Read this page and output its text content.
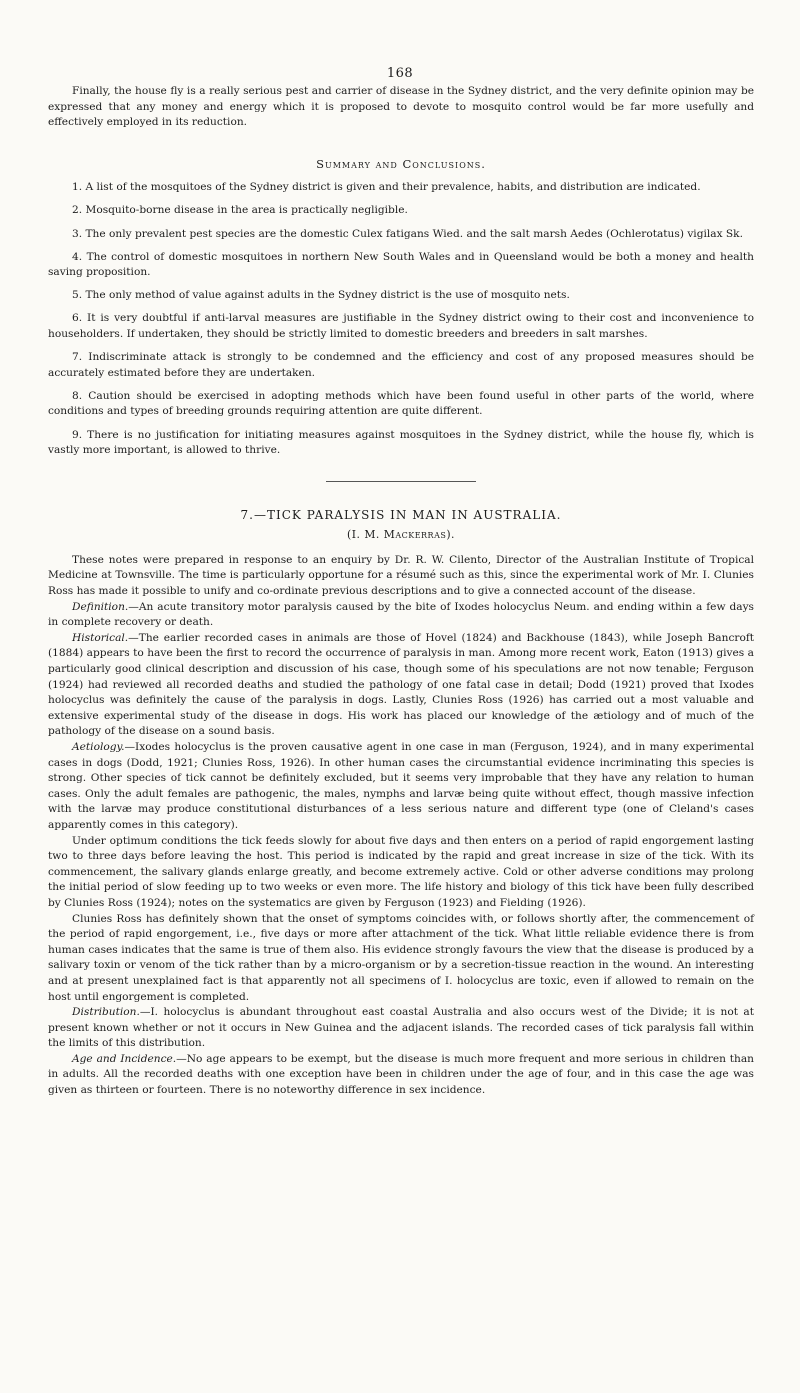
168

Finally, the house fly is a really serious pest and carrier of disease in the Sydney district, and the very definite opinion may be expressed that any money and energy which it is proposed to devote to mosquito control would be far more usefully and effectively employed in its reduction.

Summary and Conclusions.

1. A list of the mosquitoes of the Sydney district is given and their prevalence, habits, and distribution are indicated.

2. Mosquito-borne disease in the area is practically negligible.

3. The only prevalent pest species are the domestic Culex fatigans Wied. and the salt marsh Aedes (Ochlerotatus) vigilax Sk.

4. The control of domestic mosquitoes in northern New South Wales and in Queensland would be both a money and health saving proposition.

5. The only method of value against adults in the Sydney district is the use of mosquito nets.

6. It is very doubtful if anti-larval measures are justifiable in the Sydney district owing to their cost and inconvenience to householders. If undertaken, they should be strictly limited to domestic breeders and breeders in salt marshes.

7. Indiscriminate attack is strongly to be condemned and the efficiency and cost of any proposed measures should be accurately estimated before they are undertaken.

8. Caution should be exercised in adopting methods which have been found useful in other parts of the world, where conditions and types of breeding grounds requiring attention are quite different.

9. There is no justification for initiating measures against mosquitoes in the Sydney district, while the house fly, which is vastly more important, is allowed to thrive.

7.—TICK PARALYSIS IN MAN IN AUSTRALIA.
(I. M. Mackerras).

These notes were prepared in response to an enquiry by Dr. R. W. Cilento, Director of the Australian Institute of Tropical Medicine at Townsville. The time is particularly opportune for a résumé such as this, since the experimental work of Mr. I. Clunies Ross has made it possible to unify and co-ordinate previous descriptions and to give a connected account of the disease.

Definition.—An acute transitory motor paralysis caused by the bite of Ixodes holocyclus Neum. and ending within a few days in complete recovery or death.

Historical.—The earlier recorded cases in animals are those of Hovel (1824) and Backhouse (1843), while Joseph Bancroft (1884) appears to have been the first to record the occurrence of paralysis in man. Among more recent work, Eaton (1913) gives a particularly good clinical description and discussion of his case, though some of his speculations are not now tenable; Ferguson (1924) had reviewed all recorded deaths and studied the pathology of one fatal case in detail; Dodd (1921) proved that Ixodes holocyclus was definitely the cause of the paralysis in dogs. Lastly, Clunies Ross (1926) has carried out a most valuable and extensive experimental study of the disease in dogs. His work has placed our knowledge of the ætiology and of much of the pathology of the disease on a sound basis.

Aetiology.—Ixodes holocyclus is the proven causative agent in one case in man (Ferguson, 1924), and in many experimental cases in dogs (Dodd, 1921; Clunies Ross, 1926). In other human cases the circumstantial evidence incriminating this species is strong. Other species of tick cannot be definitely excluded, but it seems very improbable that they have any relation to human cases. Only the adult females are pathogenic, the males, nymphs and larvæ being quite without effect, though massive infection with the larvæ may produce constitutional disturbances of a less serious nature and different type (one of Cleland's cases apparently comes in this category).

Under optimum conditions the tick feeds slowly for about five days and then enters on a period of rapid engorgement lasting two to three days before leaving the host. This period is indicated by the rapid and great increase in size of the tick. With its commencement, the salivary glands enlarge greatly, and become extremely active. Cold or other adverse conditions may prolong the initial period of slow feeding up to two weeks or even more. The life history and biology of this tick have been fully described by Clunies Ross (1924); notes on the systematics are given by Ferguson (1923) and Fielding (1926).

Clunies Ross has definitely shown that the onset of symptoms coincides with, or follows shortly after, the commencement of the period of rapid engorgement, i.e., five days or more after attachment of the tick. What little reliable evidence there is from human cases indicates that the same is true of them also. His evidence strongly favours the view that the disease is produced by a salivary toxin or venom of the tick rather than by a micro-organism or by a secretion-tissue reaction in the wound. An interesting and at present unexplained fact is that apparently not all specimens of I. holocyclus are toxic, even if allowed to remain on the host until engorgement is completed.

Distribution.—I. holocyclus is abundant throughout east coastal Australia and also occurs west of the Divide; it is not at present known whether or not it occurs in New Guinea and the adjacent islands. The recorded cases of tick paralysis fall within the limits of this distribution.

Age and Incidence.—No age appears to be exempt, but the disease is much more frequent and more serious in children than in adults. All the recorded deaths with one exception have been in children under the age of four, and in this case the age was given as thirteen or fourteen. There is no noteworthy difference in sex incidence.
